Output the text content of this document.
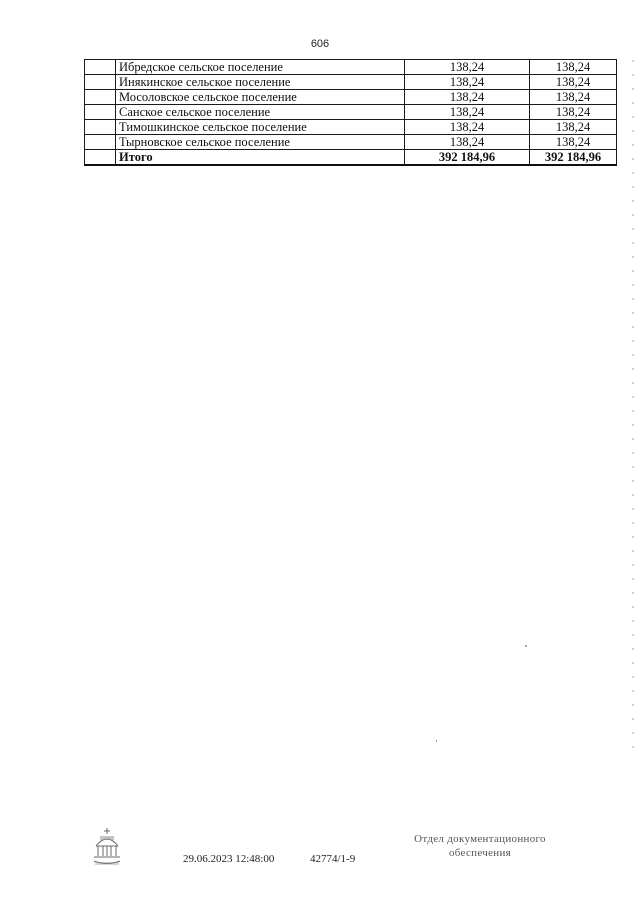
606
	Ибредское сельское поселение	138,24	138,24
	Инякинское сельское поселение	138,24	138,24
	Мосоловское сельское поселение	138,24	138,24
	Санское сельское поселение	138,24	138,24
	Тимошкинское сельское поселение	138,24	138,24
	Тырновское сельское поселение	138,24	138,24
	Итого	392 184,96	392 184,96
29.06.2023 12:48:00	42774/1-9
Отдел документационного
обеспечения
